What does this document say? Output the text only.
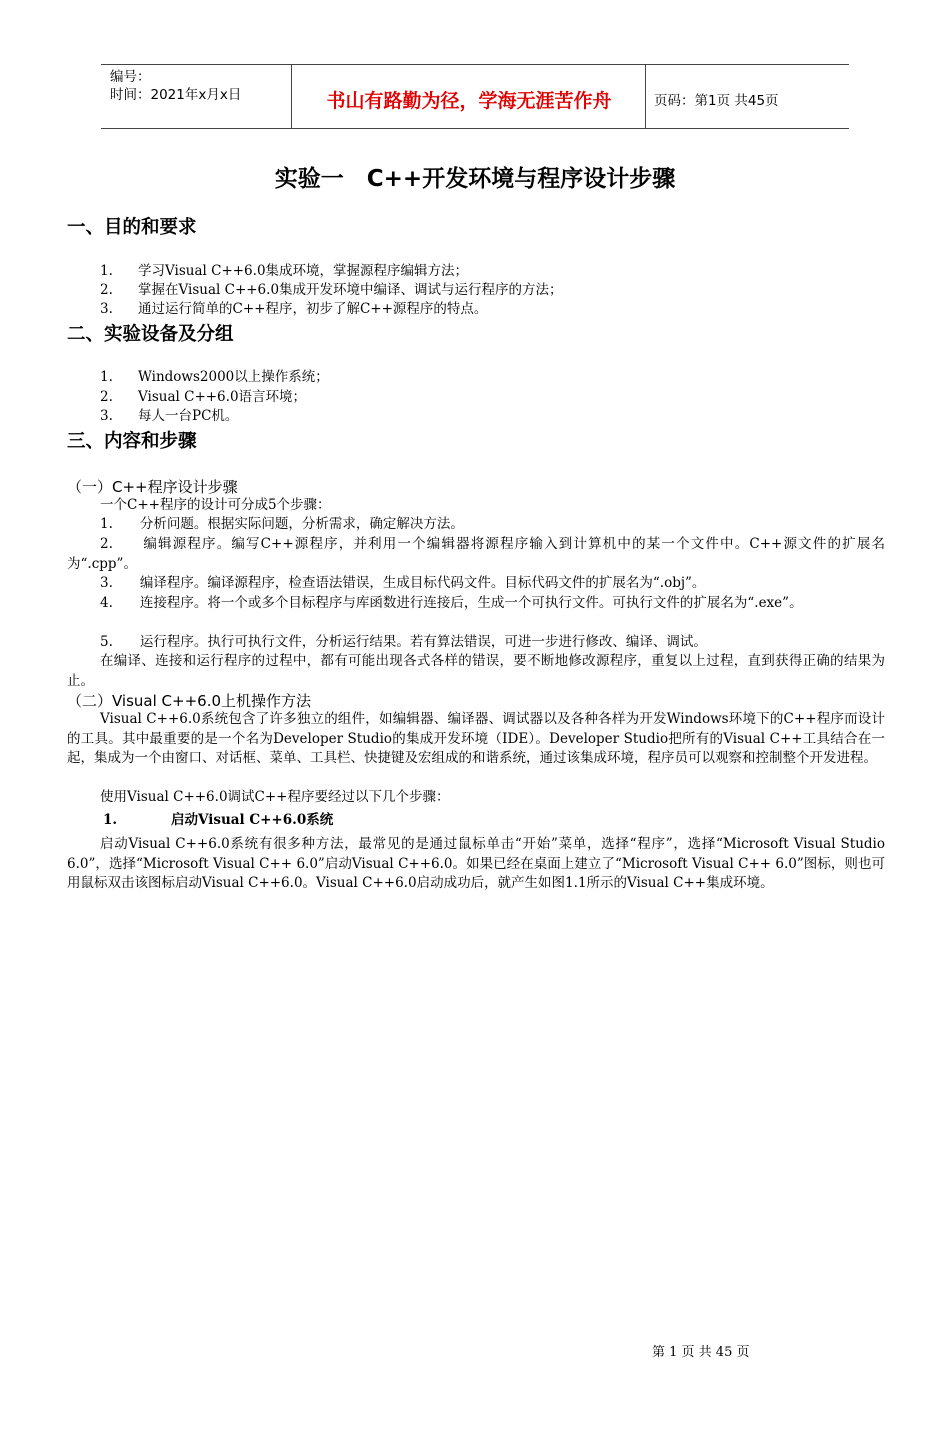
编号：
时间：2021年x月x日	书山有路勤为径，学海无涯苦作舟	页码：第1页 共45页
实验一　C++开发环境与程序设计步骤
一、目的和要求
1. 学习Visual C++6.0集成环境，掌握源程序编辑方法；
2. 掌握在Visual C++6.0集成开发环境中编译、调试与运行程序的方法；
3. 通过运行简单的C++程序，初步了解C++源程序的特点。
二、实验设备及分组
1. Windows2000以上操作系统；
2. Visual C++6.0语言环境；
3. 每人一台PC机。
三、内容和步骤
（一）C++程序设计步骤
一个C++程序的设计可分成5个步骤：
1.　　分析问题。根据实际问题，分析需求，确定解决方法。
2.　　编辑源程序。编写C++源程序，并利用一个编辑器将源程序输入到计算机中的某一个文件中。C++源文件的扩展名为“.cpp”。
3.　　编译程序。编译源程序，检查语法错误，生成目标代码文件。目标代码文件的扩展名为“.obj”。
4.　　连接程序。将一个或多个目标程序与库函数进行连接后，生成一个可执行文件。可执行文件的扩展名为“.exe”。
5.　　运行程序。执行可执行文件，分析运行结果。若有算法错误，可进一步进行修改、编译、调试。
在编译、连接和运行程序的过程中，都有可能出现各式各样的错误，要不断地修改源程序，重复以上过程，直到获得正确的结果为止。
（二）Visual C++6.0上机操作方法
Visual C++6.0系统包含了许多独立的组件，如编辑器、编译器、调试器以及各种各样为开发Windows环境下的C++程序而设计的工具。其中最重要的是一个名为Developer Studio的集成开发环境（IDE）。Developer Studio把所有的Visual C++工具结合在一起，集成为一个由窗口、对话框、菜单、工具栏、快捷键及宏组成的和谐系统，通过该集成环境，程序员可以观察和控制整个开发进程。
使用Visual C++6.0调试C++程序要经过以下几个步骤：
1.	启动Visual C++6.0系统
启动Visual C++6.0系统有很多种方法，最常见的是通过鼠标单击“开始”菜单，选择“程序”，选择“Microsoft Visual Studio 6.0”，选择“Microsoft Visual C++ 6.0”启动Visual C++6.0。如果已经在桌面上建立了“Microsoft Visual C++ 6.0”图标，则也可用鼠标双击该图标启动Visual C++6.0。Visual C++6.0启动成功后，就产生如图1.1所示的Visual C++集成环境。
第 1 页 共 45 页
